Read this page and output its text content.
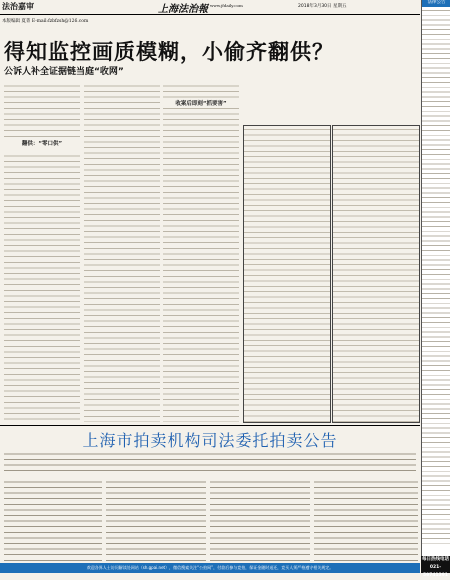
法治嘉审	上海法治報 www.jfdaily.com	2018年3月30日 星期五
本版编辑 夏菁 E-mail:fzbfzsh@126.com
得知监控画质模糊，小偷齐翻供？
公诉人补全证据链当庭“收网”
翻供：“零口供”
收案后即刻“抓要害”
上海市拍卖机构司法委托拍卖公告
欢迎各界人士访问解读处网站（sh.gpai.net），微信搜索关注“公拍网”，付款后参与竞拍，保证金随时退还，竞买人须严格遵守相关规定。
法律公告
每日热线电话
021-59741391
